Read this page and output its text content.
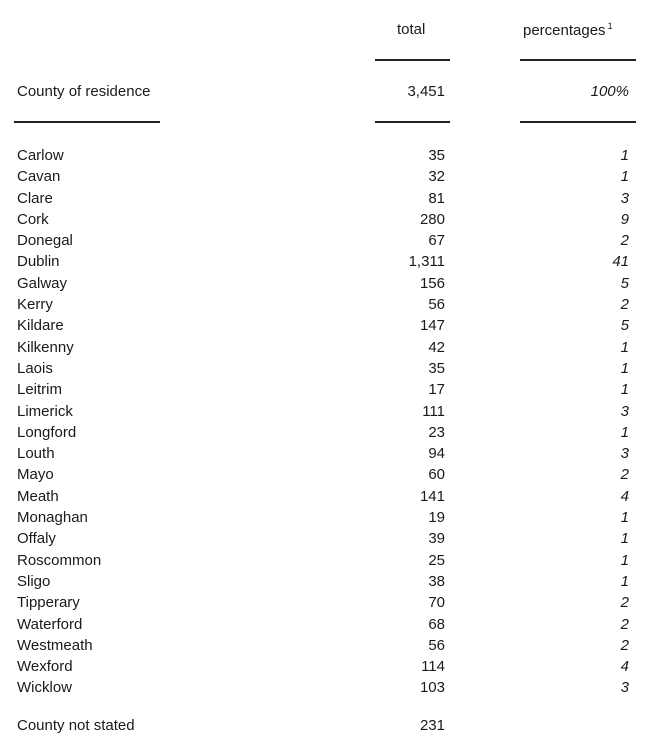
total	percentages $^1$
County of residence	3,451	100%
Carlow	35	1
Cavan	32	1
Clare	81	3
Cork	280	9
Donegal	67	2
Dublin	1,311	41
Galway	156	5
Kerry	56	2
Kildare	147	5
Kilkenny	42	1
Laois	35	1
Leitrim	17	1
Limerick	111	3
Longford	23	1
Louth	94	3
Mayo	60	2
Meath	141	4
Monaghan	19	1
Offaly	39	1
Roscommon	25	1
Sligo	38	1
Tipperary	70	2
Waterford	68	2
Westmeath	56	2
Wexford	114	4
Wicklow	103	3
County not stated	231
